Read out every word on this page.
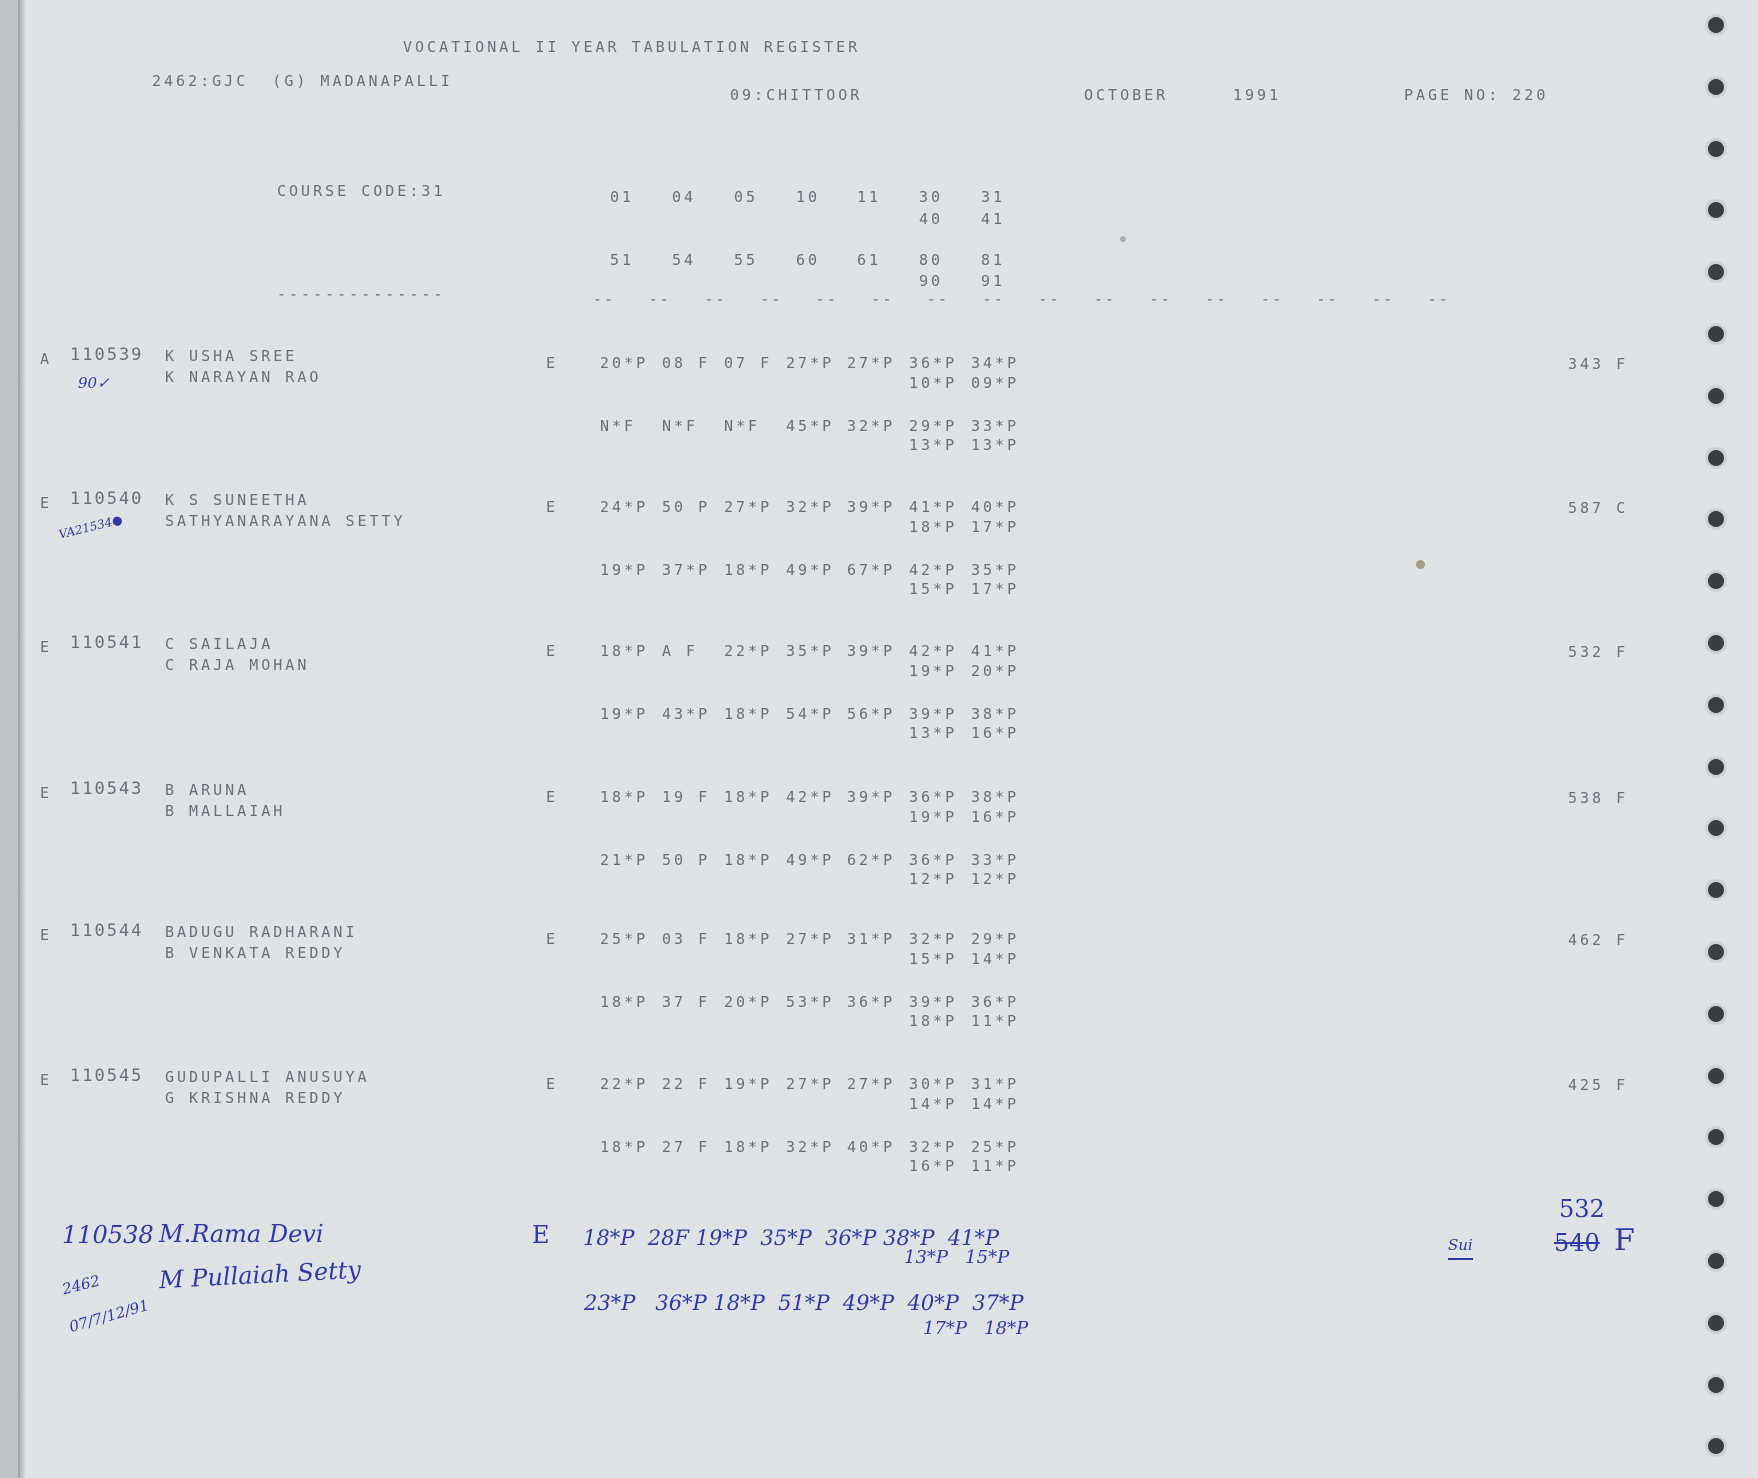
VOCATIONAL II YEAR TABULATION REGISTER
2462:GJC  (G) MADANAPALLI
09:CHITTOOR	OCTOBER	1991	PAGE NO: 220
COURSE CODE:31	01	04	05	10 11	30	31
40	41
51	54	55	60 61	80	81
90	91
--------------	--   --   --   --   --   --   --   --   --   --   --   --   --   --   --   --
A 110539 K USHA SREE
K NARAYAN RAO
E	20*P 08 F 07 F 27*P 27*P 36*P 34*P
10*P 09*P
N*F N*F N*F 45*P 32*P 29*P 33*P
13*P 13*P
343 F
90✓
E 110540 K S SUNEETHA
SATHYANARAYANA SETTY
E	24*P 50 P 27*P 32*P 39*P 41*P 40*P
18*P 17*P
19*P 37*P 18*P 49*P 67*P 42*P 35*P
15*P 17*P
587 C
VA21534●
E 110541 C SAILAJA
C RAJA MOHAN
E	18*P A F 22*P 35*P 39*P 42*P 41*P
19*P 20*P
19*P 43*P 18*P 54*P 56*P 39*P 38*P
13*P 16*P
532 F
E 110543 B ARUNA
B MALLAIAH
E	18*P 19 F 18*P 42*P 39*P 36*P 38*P
19*P 16*P
21*P 50 P 18*P 49*P 62*P 36*P 33*P
12*P 12*P
538 F
E 110544 BADUGU RADHARANI
B VENKATA REDDY
E	25*P 03 F 18*P 27*P 31*P 32*P 29*P
15*P 14*P
18*P 37 F 20*P 53*P 36*P 39*P 36*P
18*P 11*P
462 F
E 110545 GUDUPALLI ANUSUYA
G KRISHNA REDDY
E	22*P 22 F 19*P 27*P 27*P 30*P 31*P
14*P 14*P
18*P 27 F 18*P 32*P 40*P 32*P 25*P
16*P 11*P
425 F
110538 M.Rama Devi
M Pullaiah Setty
2462
07/7/12/91
E 18*P  28F 19*P  35*P  36*P 38*P  41*P
13*P   15*P
23*P   36*P 18*P  51*P  49*P  40*P  37*P
17*P   18*P
Sui
532
540 F
